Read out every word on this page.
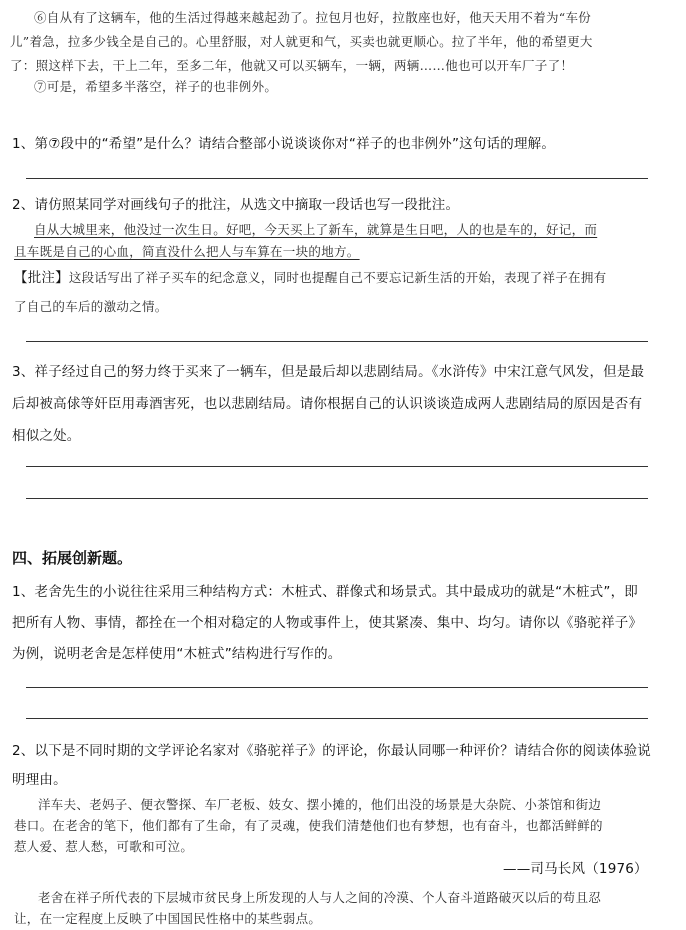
⑥自从有了这辆车，他的生活过得越来越起劲了。拉包月也好，拉散座也好，他天天用不着为“车份
儿”着急，拉多少钱全是自己的。心里舒服，对人就更和气，买卖也就更顺心。拉了半年，他的希望更大
了：照这样下去，干上二年，至多二年，他就又可以买辆车，一辆，两辆……他也可以开车厂子了！
⑦可是，希望多半落空，祥子的也非例外。
1、第⑦段中的“希望”是什么？请结合整部小说谈谈你对“祥子的也非例外”这句话的理解。
2、请仿照某同学对画线句子的批注，从选文中摘取一段话也写一段批注。
自从大城里来，他没过一次生日。好吧，今天买上了新车，就算是生日吧，人的也是车的，好记，而
且车既是自己的心血，简直没什么把人与车算在一块的地方。
【批注】这段话写出了祥子买车的纪念意义，同时也提醒自己不要忘记新生活的开始，表现了祥子在拥有
了自己的车后的激动之情。
3、祥子经过自己的努力终于买来了一辆车，但是最后却以悲剧结局。《水浒传》中宋江意气风发，但是最
后却被高俅等奸臣用毒酒害死，也以悲剧结局。请你根据自己的认识谈谈造成两人悲剧结局的原因是否有
相似之处。
四、拓展创新题。
1、老舍先生的小说往往采用三种结构方式：木桩式、群像式和场景式。其中最成功的就是“木桩式”，即
把所有人物、事情，都拴在一个相对稳定的人物或事件上，使其紧凑、集中、均匀。请你以《骆驼祥子》
为例，说明老舍是怎样使用“木桩式”结构进行写作的。
2、以下是不同时期的文学评论名家对《骆驼祥子》的评论，你最认同哪一种评价？请结合你的阅读体验说
明理由。
洋车夫、老妈子、便衣警探、车厂老板、妓女、摆小摊的，他们出没的场景是大杂院、小茶馆和街边
巷口。在老舍的笔下，他们都有了生命，有了灵魂，使我们清楚他们也有梦想，也有奋斗，也都活鲜鲜的
惹人爱、惹人愁，可歌和可泣。
——司马长风（1976）
老舍在祥子所代表的下层城市贫民身上所发现的人与人之间的冷漠、个人奋斗道路破灭以后的苟且忍
让，在一定程度上反映了中国国民性格中的某些弱点。
